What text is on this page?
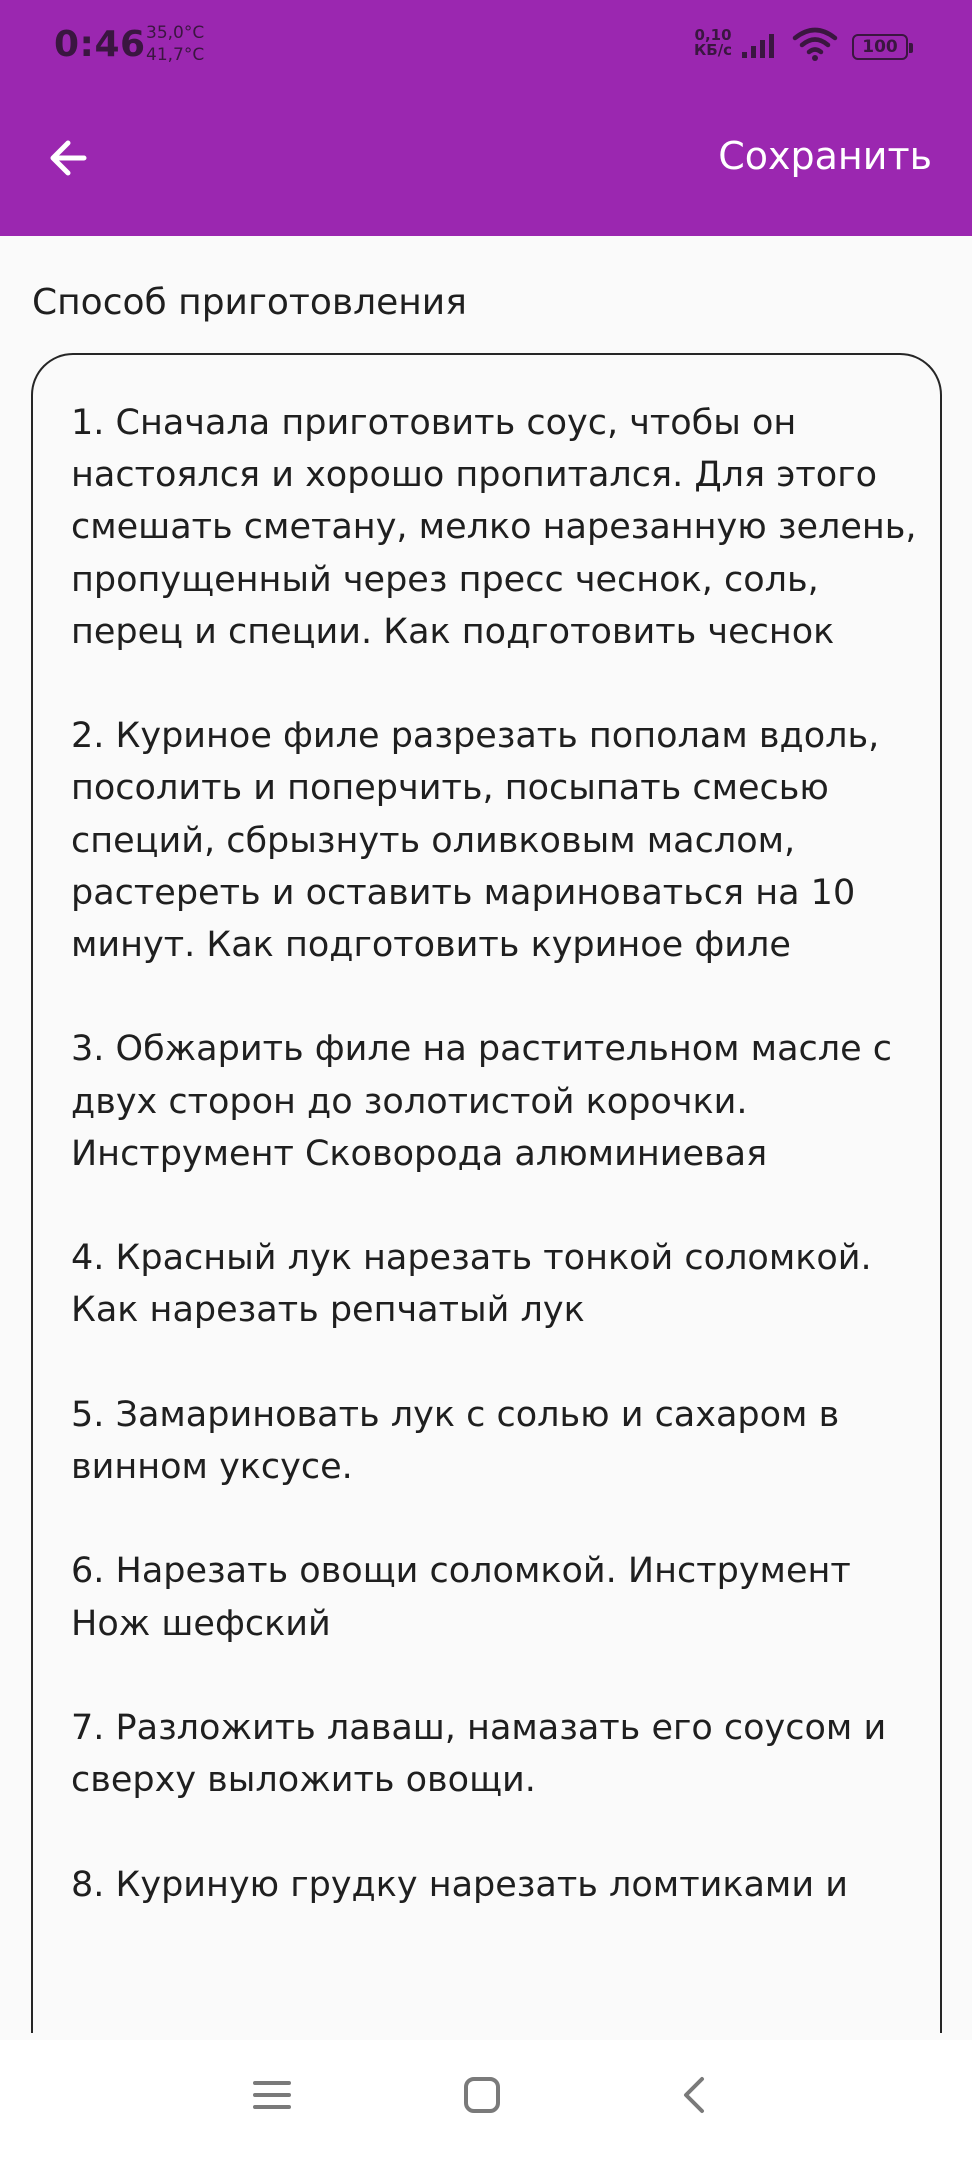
0:46 35,0°C
41,7°C
0,10
КБ/с	100
Сохранить
Способ приготовления
1. Сначала приготовить соус, чтобы он настоялся и хорошо пропитался. Для этого смешать сметану, мелко нарезанную зелень, пропущенный через пресс чеснок, соль, перец и специи. Как подготовить чеснок

2. Куриное филе разрезать пополам вдоль, посолить и поперчить, посыпать смесью специй, сбрызнуть оливковым маслом, растереть и оставить мариноваться на 10 минут. Как подготовить куриное филе

3. Обжарить филе на растительном масле с двух сторон до золотистой корочки. Инструмент Сковорода алюминиевая

4. Красный лук нарезать тонкой соломкой. Как нарезать репчатый лук

5. Замариновать лук с солью и сахаром в винном уксусе.

6. Нарезать овощи соломкой. Инструмент Нож шефский

7. Разложить лаваш, намазать его соусом и сверху выложить овощи.

8. Куриную грудку нарезать ломтиками и
